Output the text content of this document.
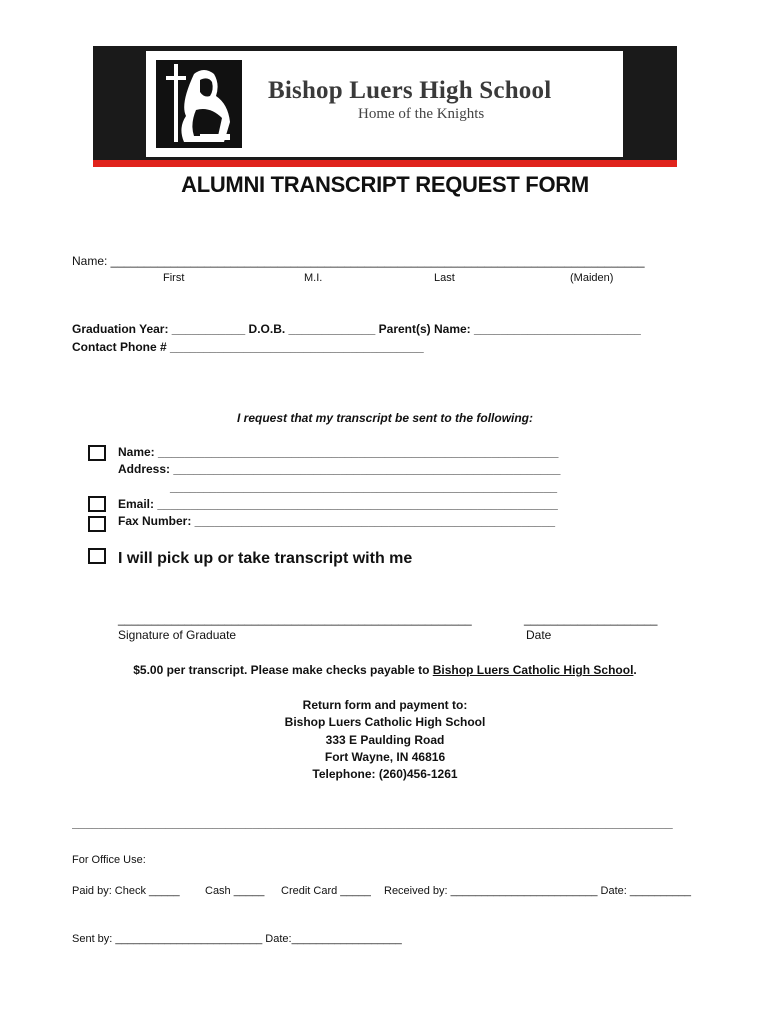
Bishop Luers High School
Home of the Knights
ALUMNI TRANSCRIPT REQUEST FORM
Name: ________________________________________________________________________________
First	M.I.	Last	(Maiden)
Graduation Year: ___________ D.O.B. _____________ Parent(s) Name: _________________________
Contact Phone # ______________________________________
I request that my transcript be sent to the following:
Name: ____________________________________________________________
Address: __________________________________________________________
__________________________________________________________
Email: ____________________________________________________________
Fax Number: ______________________________________________________
I will pick up or take transcript with me
_____________________________________________________	____________________
Signature of Graduate	Date
$5.00 per transcript. Please make checks payable to Bishop Luers Catholic High School.
Return form and payment to:
Bishop Luers Catholic High School
333 E Paulding Road
Fort Wayne, IN 46816
Telephone: (260)456-1261
__________________________________________________________________________________________
For Office Use:
Paid by: Check _____ Cash _____ Credit Card _____ Received by: ________________________ Date: __________
Sent by: ________________________ Date:__________________
